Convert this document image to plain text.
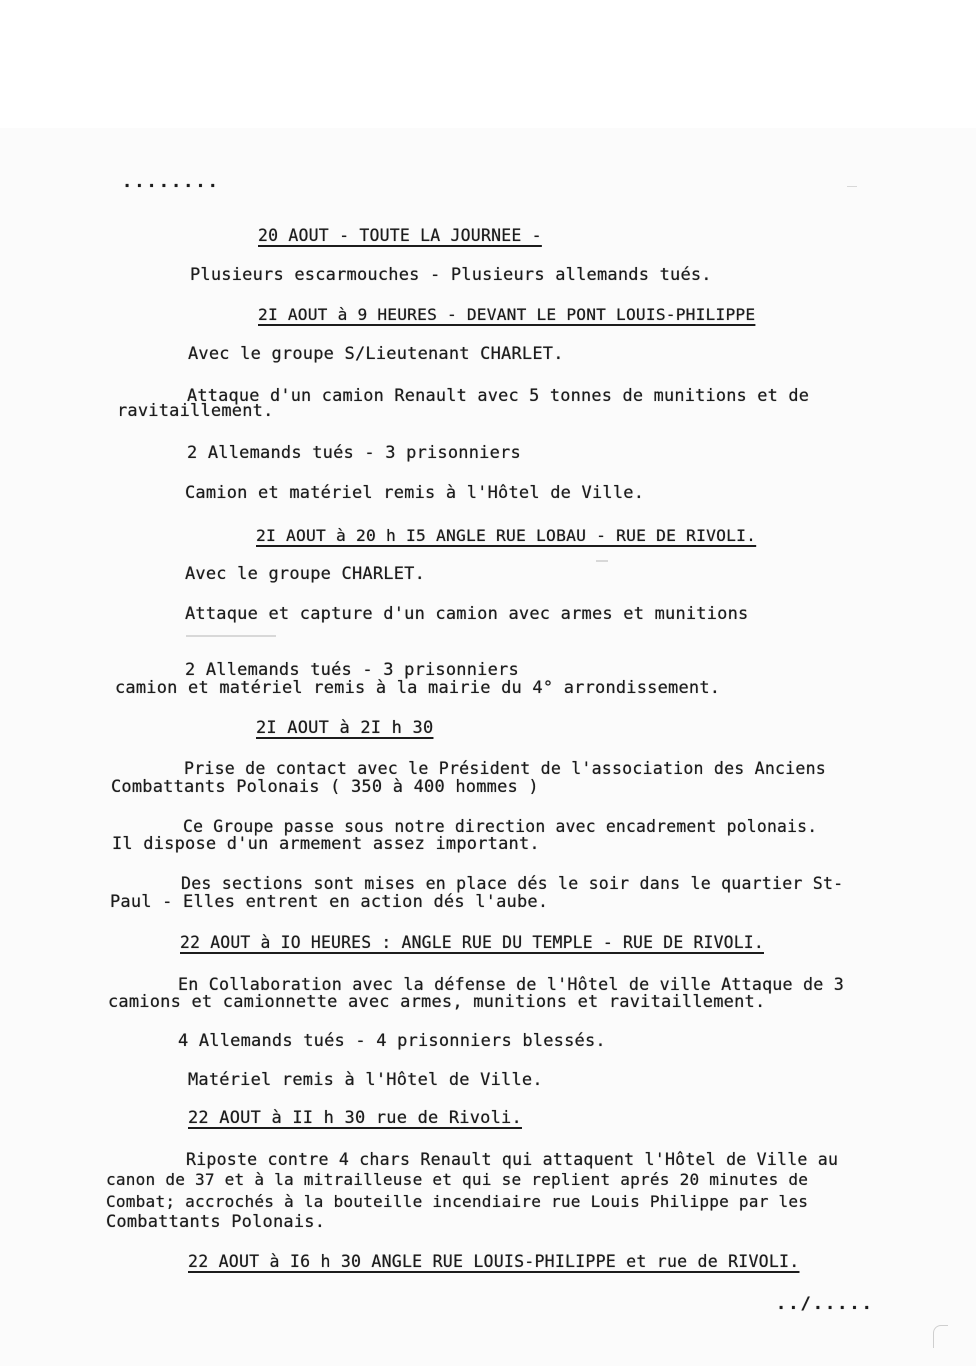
........
20 AOUT - TOUTE LA JOURNEE -
Plusieurs escarmouches - Plusieurs allemands tués.
2I AOUT à 9 HEURES - DEVANT LE PONT LOUIS-PHILIPPE
Avec le groupe S/Lieutenant CHARLET.
Attaque d'un camion Renault avec 5 tonnes de munitions et de
ravitaillement.
2 Allemands tués - 3 prisonniers
Camion et matériel remis à l'Hôtel de Ville.
2I AOUT à 20 h I5 ANGLE RUE LOBAU - RUE DE RIVOLI.
Avec le groupe CHARLET.
Attaque et capture d'un camion avec armes et munitions
2 Allemands tués - 3 prisonniers
camion et matériel remis à la mairie du 4° arrondissement.
2I AOUT à 2I h 30
Prise de contact avec le Président de l'association des Anciens
Combattants Polonais ( 350 à 400 hommes )
Ce Groupe passe sous notre direction avec encadrement polonais.
Il dispose d'un armement assez important.
Des sections sont mises en place dés le soir dans le quartier St-
Paul - Elles entrent en action dés l'aube.
22 AOUT à IO HEURES : ANGLE RUE DU TEMPLE - RUE DE RIVOLI.
En Collaboration avec la défense de l'Hôtel de ville Attaque de 3
camions et camionnette avec armes, munitions et ravitaillement.
4 Allemands tués - 4 prisonniers blessés.
Matériel remis à l'Hôtel de Ville.
22 AOUT à II h 30 rue de Rivoli.
Riposte contre 4 chars Renault qui attaquent l'Hôtel de Ville au
canon de 37 et à la mitrailleuse et qui se replient aprés 20 minutes de
Combat; accrochés à la bouteille incendiaire rue Louis Philippe par les
Combattants Polonais.
22 AOUT à I6 h 30 ANGLE RUE LOUIS-PHILIPPE et rue de RIVOLI.
../.....
